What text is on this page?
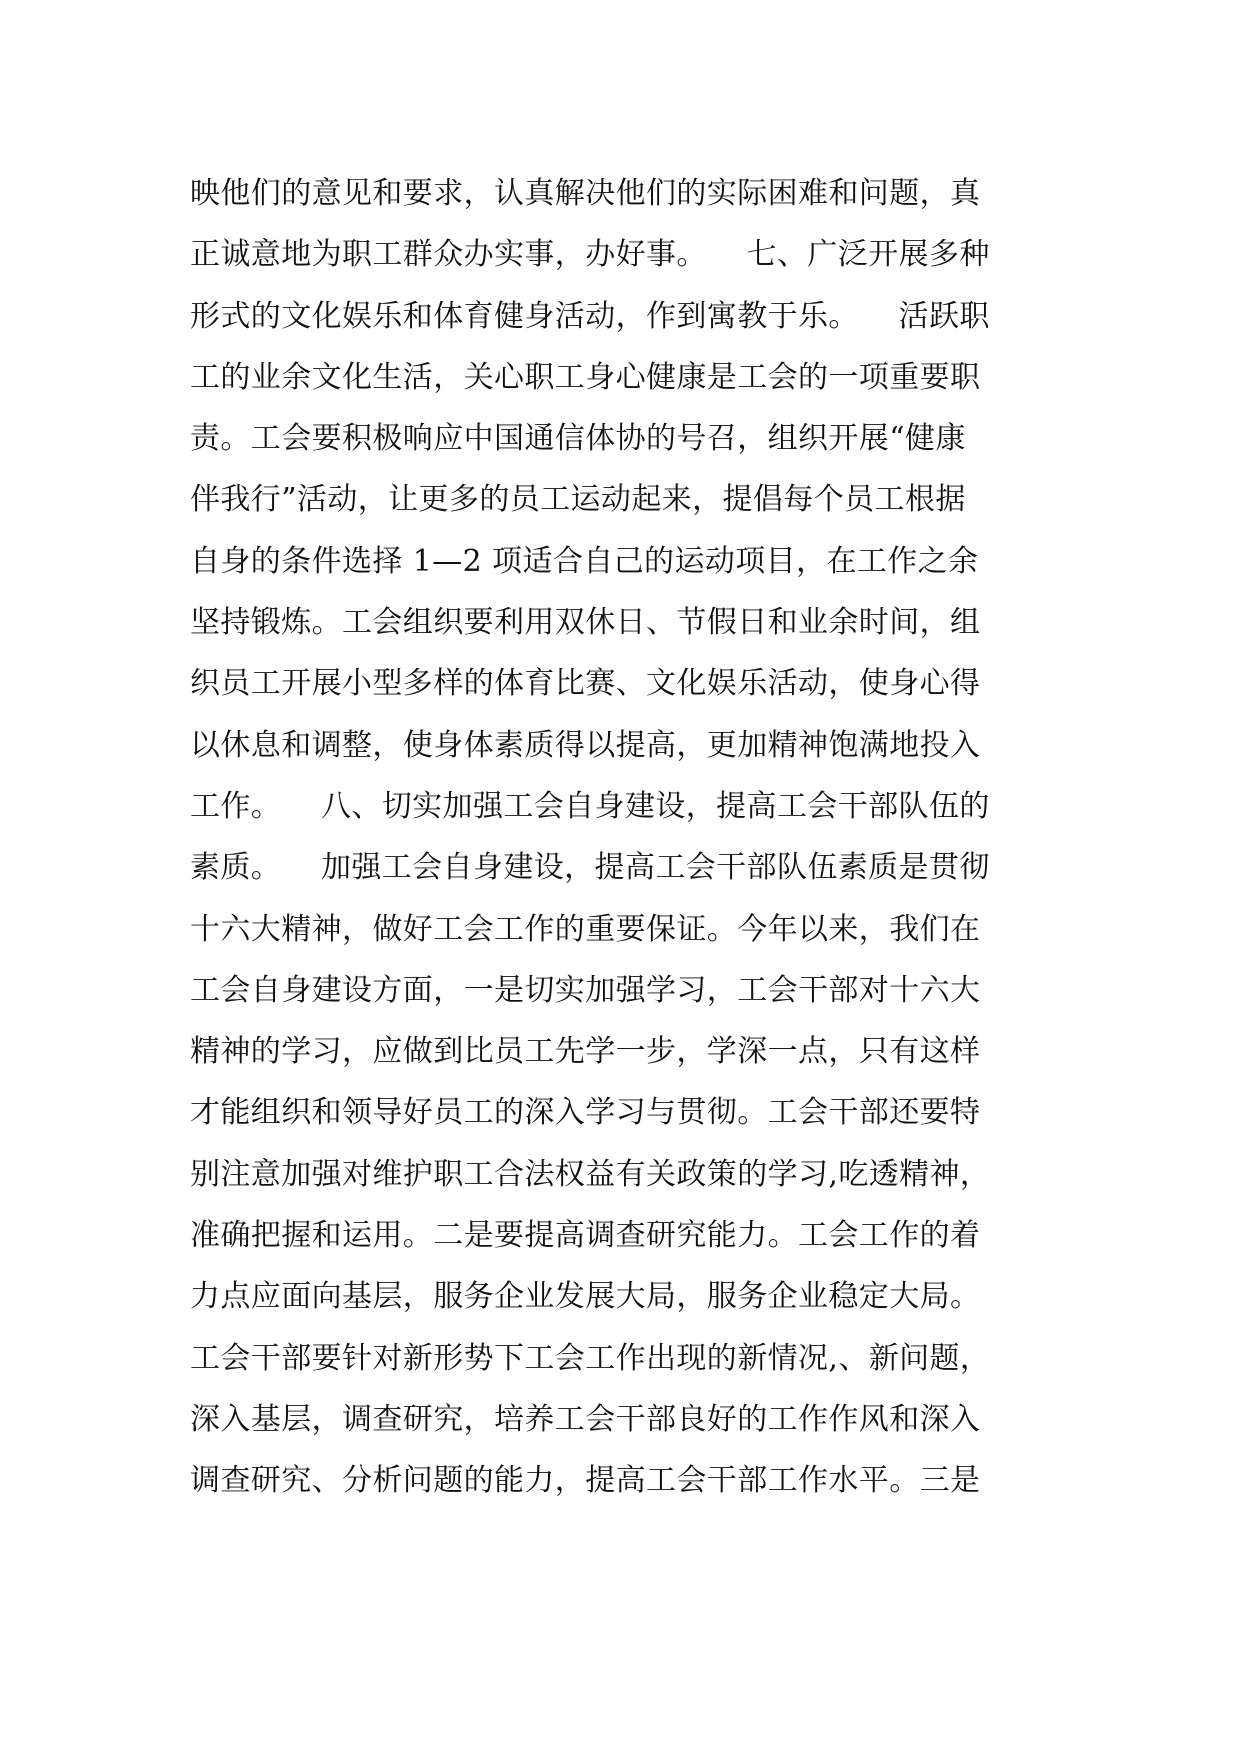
映他们的意见和要求，认真解决他们的实际困难和问题，真
正诚意地为职工群众办实事，办好事。    七、广泛开展多种
形式的文化娱乐和体育健身活动，作到寓教于乐。    活跃职
工的业余文化生活，关心职工身心健康是工会的一项重要职
责。工会要积极响应中国通信体协的号召，组织开展“健康
伴我行”活动，让更多的员工运动起来，提倡每个员工根据
自身的条件选择 1—2 项适合自己的运动项目，在工作之余
坚持锻炼。工会组织要利用双休日、节假日和业余时间，组
织员工开展小型多样的体育比赛、文化娱乐活动，使身心得
以休息和调整，使身体素质得以提高，更加精神饱满地投入
工作。    八、切实加强工会自身建设，提高工会干部队伍的
素质。    加强工会自身建设，提高工会干部队伍素质是贯彻
十六大精神，做好工会工作的重要保证。今年以来，我们在
工会自身建设方面，一是切实加强学习，工会干部对十六大
精神的学习，应做到比员工先学一步，学深一点，只有这样
才能组织和领导好员工的深入学习与贯彻。工会干部还要特
别注意加强对维护职工合法权益有关政策的学习,吃透精神，
准确把握和运用。二是要提高调查研究能力。工会工作的着
力点应面向基层，服务企业发展大局，服务企业稳定大局。
工会干部要针对新形势下工会工作出现的新情况,、新问题，
深入基层，调查研究，培养工会干部良好的工作作风和深入
调查研究、分析问题的能力，提高工会干部工作水平。三是
